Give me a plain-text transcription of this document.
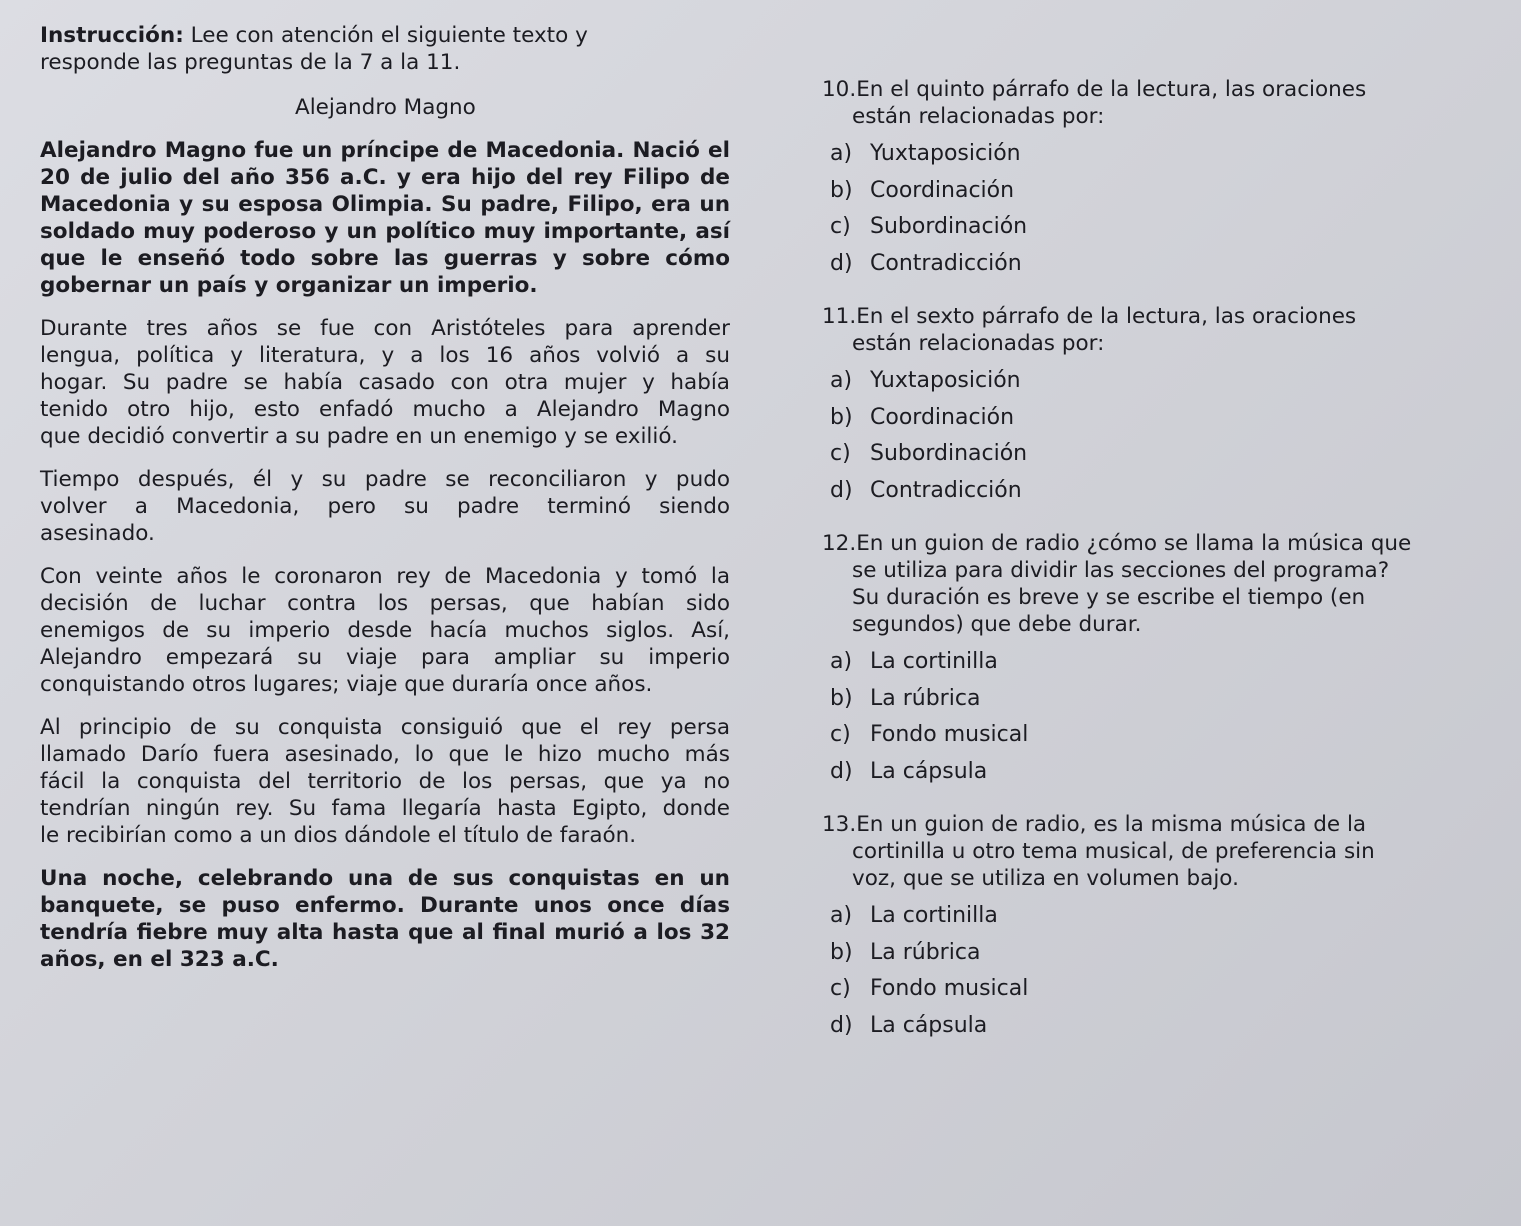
Instrucción: Lee con atención el siguiente texto y
responde las preguntas de la 7 a la 11.
Alejandro Magno
Alejandro Magno fue un príncipe de Macedonia. Nació el
20 de julio del año 356 a.C. y era hijo del rey Filipo de
Macedonia y su esposa Olimpia. Su padre, Filipo, era un
soldado muy poderoso y un político muy importante, así
que le enseñó todo sobre las guerras y sobre cómo
gobernar un país y organizar un imperio.
Durante tres años se fue con Aristóteles para aprender
lengua, política y literatura, y a los 16 años volvió a su
hogar. Su padre se había casado con otra mujer y había
tenido otro hijo, esto enfadó mucho a Alejandro Magno
que decidió convertir a su padre en un enemigo y se exilió.
Tiempo después, él y su padre se reconciliaron y pudo
volver a Macedonia, pero su padre terminó siendo
asesinado.
Con veinte años le coronaron rey de Macedonia y tomó la
decisión de luchar contra los persas, que habían sido
enemigos de su imperio desde hacía muchos siglos. Así,
Alejandro empezará su viaje para ampliar su imperio
conquistando otros lugares; viaje que duraría once años.
Al principio de su conquista consiguió que el rey persa
llamado Darío fuera asesinado, lo que le hizo mucho más
fácil la conquista del territorio de los persas, que ya no
tendrían ningún rey. Su fama llegaría hasta Egipto, donde
le recibirían como a un dios dándole el título de faraón.
Una noche, celebrando una de sus conquistas en un
banquete, se puso enfermo. Durante unos once días
tendría fiebre muy alta hasta que al final murió a los 32
años, en el 323 a.C.
10.En el quinto párrafo de la lectura, las oraciones
están relacionadas por:
a) Yuxtaposición
b) Coordinación
c) Subordinación
d) Contradicción
11.En el sexto párrafo de la lectura, las oraciones
están relacionadas por:
a) Yuxtaposición
b) Coordinación
c) Subordinación
d) Contradicción
12.En un guion de radio ¿cómo se llama la música que
se utiliza para dividir las secciones del programa?
Su duración es breve y se escribe el tiempo (en
segundos) que debe durar.
a) La cortinilla
b) La rúbrica
c) Fondo musical
d) La cápsula
13.En un guion de radio, es la misma música de la
cortinilla u otro tema musical, de preferencia sin
voz, que se utiliza en volumen bajo.
a) La cortinilla
b) La rúbrica
c) Fondo musical
d) La cápsula
